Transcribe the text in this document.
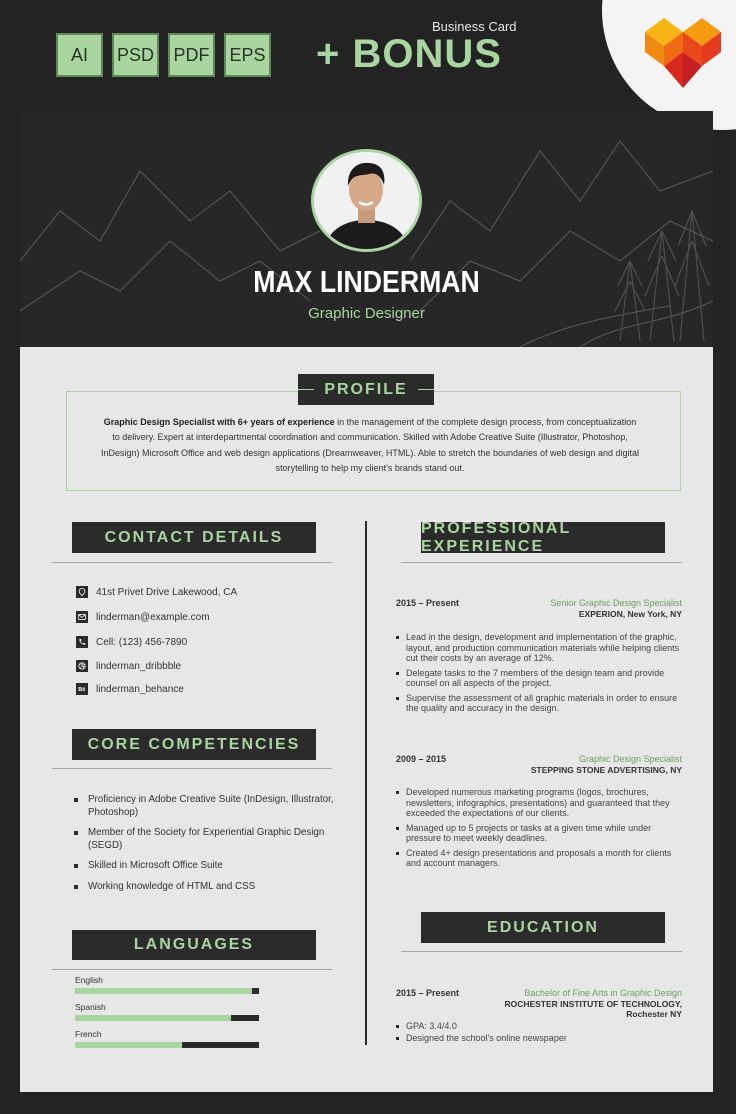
AI	PSD	PDF	EPS
Business Card
+ BONUS
MAX LINDERMAN
Graphic Designer
PROFILE
Graphic Design Specialist with 6+ years of experience in the management of the complete design process, from conceptualization to delivery. Expert at interdepartmental coordination and communication. Skilled with Adobe Creative Suite (Illustrator, Photoshop, InDesign) Microsoft Office and web design applications (Dreamweaver, HTML). Able to stretch the boundaries of web design and digital storytelling to help my client's brands stand out.
CONTACT DETAILS
41st Privet Drive Lakewood, CA
linderman@example.com
Cell: (123) 456-7890
linderman_dribbble
Bē linderman_behance
CORE COMPETENCIES
Proficiency in Adobe Creative Suite (InDesign, Illustrator, Photoshop)
Member of the Society for Experiential Graphic Design (SEGD)
Skilled in Microsoft Office Suite
Working knowledge of HTML and CSS
LANGUAGES
English
Spanish
French
PROFESSIONAL EXPERIENCE
2015 – Present	Senior Graphic Design Specialist
EXPERION, New York, NY
Lead in the design, development and implementation of the graphic, layout, and production communication materials while helping clients cut their costs by an average of 12%.
Delegate tasks to the 7 members of the design team and provide counsel on all aspects of the project.
Supervise the assessment of all graphic materials in order to ensure the quality and accuracy in the design.
2009 – 2015	Graphic Design Specialist
STEPPING STONE ADVERTISING, NY
Developed numerous marketing programs (logos, brochures, newsletters, infographics, presentations) and guaranteed that they exceeded the expectations of our clients.
Managed up to 5 projects or tasks at a given time while under pressure to meet weekly deadlines.
Created 4+ design presentations and proposals a month for clients and account managers.
EDUCATION
2015 – Present	Bachelor of Fine Arts in Graphic Design
ROCHESTER INSTITUTE OF TECHNOLOGY,
Rochester NY
GPA: 3.4/4.0
Designed the school's online newspaper
